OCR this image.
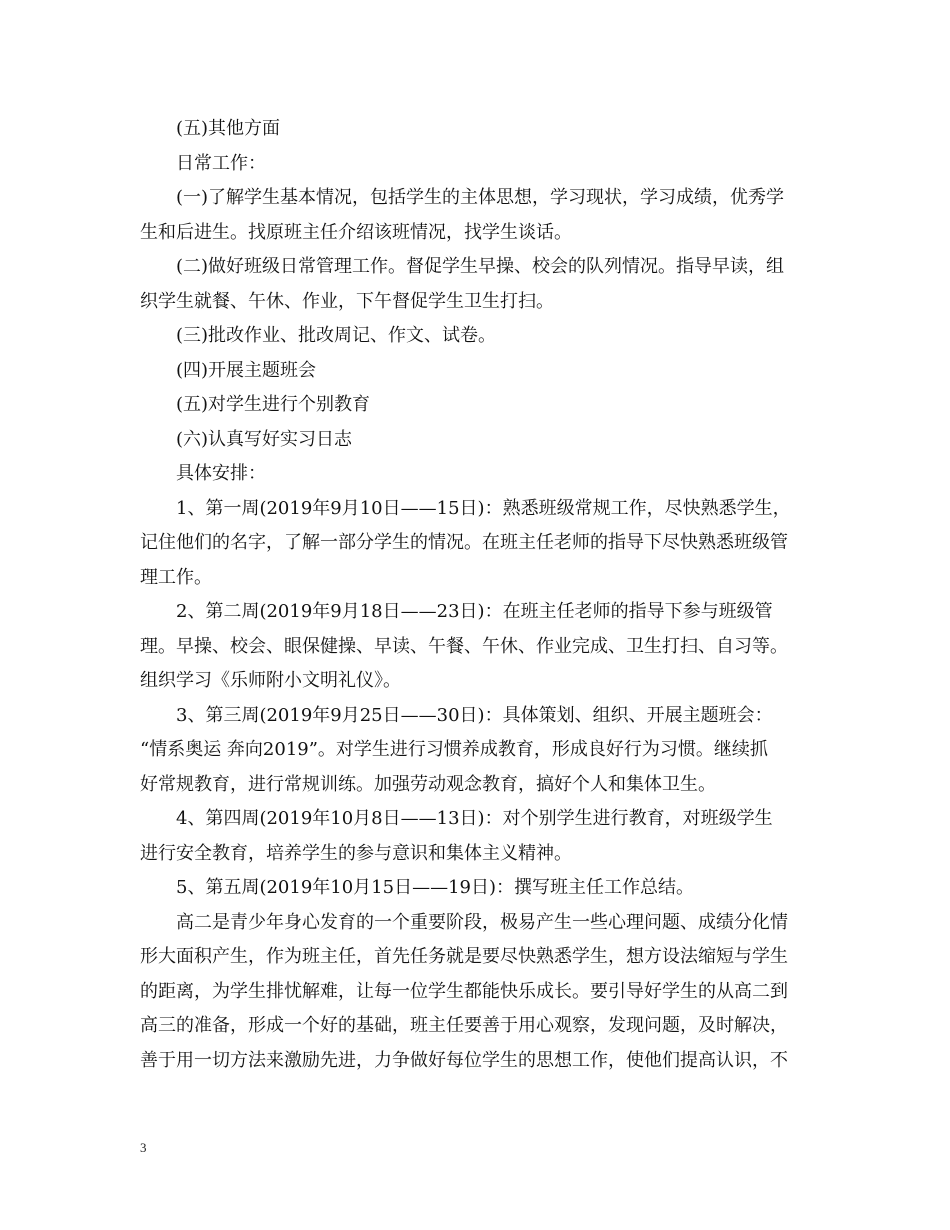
(五)其他方面
日常工作：
(一)了解学生基本情况，包括学生的主体思想，学习现状，学习成绩，优秀学
生和后进生。找原班主任介绍该班情况，找学生谈话。
(二)做好班级日常管理工作。督促学生早操、校会的队列情况。指导早读，组
织学生就餐、午休、作业，下午督促学生卫生打扫。
(三)批改作业、批改周记、作文、试卷。
(四)开展主题班会
(五)对学生进行个别教育
(六)认真写好实习日志
具体安排：
1、第一周(2019年9月10日——15日)：熟悉班级常规工作，尽快熟悉学生，
记住他们的名字，了解一部分学生的情况。在班主任老师的指导下尽快熟悉班级管
理工作。
2、第二周(2019年9月18日——23日)：在班主任老师的指导下参与班级管
理。早操、校会、眼保健操、早读、午餐、午休、作业完成、卫生打扫、自习等。
组织学习《乐师附小文明礼仪》。
3、第三周(2019年9月25日——30日)：具体策划、组织、开展主题班会：
“情系奥运 奔向2019”。对学生进行习惯养成教育，形成良好行为习惯。继续抓
好常规教育，进行常规训练。加强劳动观念教育，搞好个人和集体卫生。
4、第四周(2019年10月8日——13日)：对个别学生进行教育，对班级学生
进行安全教育，培养学生的参与意识和集体主义精神。
5、第五周(2019年10月15日——19日)：撰写班主任工作总结。
高二是青少年身心发育的一个重要阶段，极易产生一些心理问题、成绩分化情
形大面积产生，作为班主任，首先任务就是要尽快熟悉学生，想方设法缩短与学生
的距离，为学生排忧解难，让每一位学生都能快乐成长。要引导好学生的从高二到
高三的准备，形成一个好的基础，班主任要善于用心观察，发现问题，及时解决，
善于用一切方法来激励先进，力争做好每位学生的思想工作，使他们提高认识，不
3
